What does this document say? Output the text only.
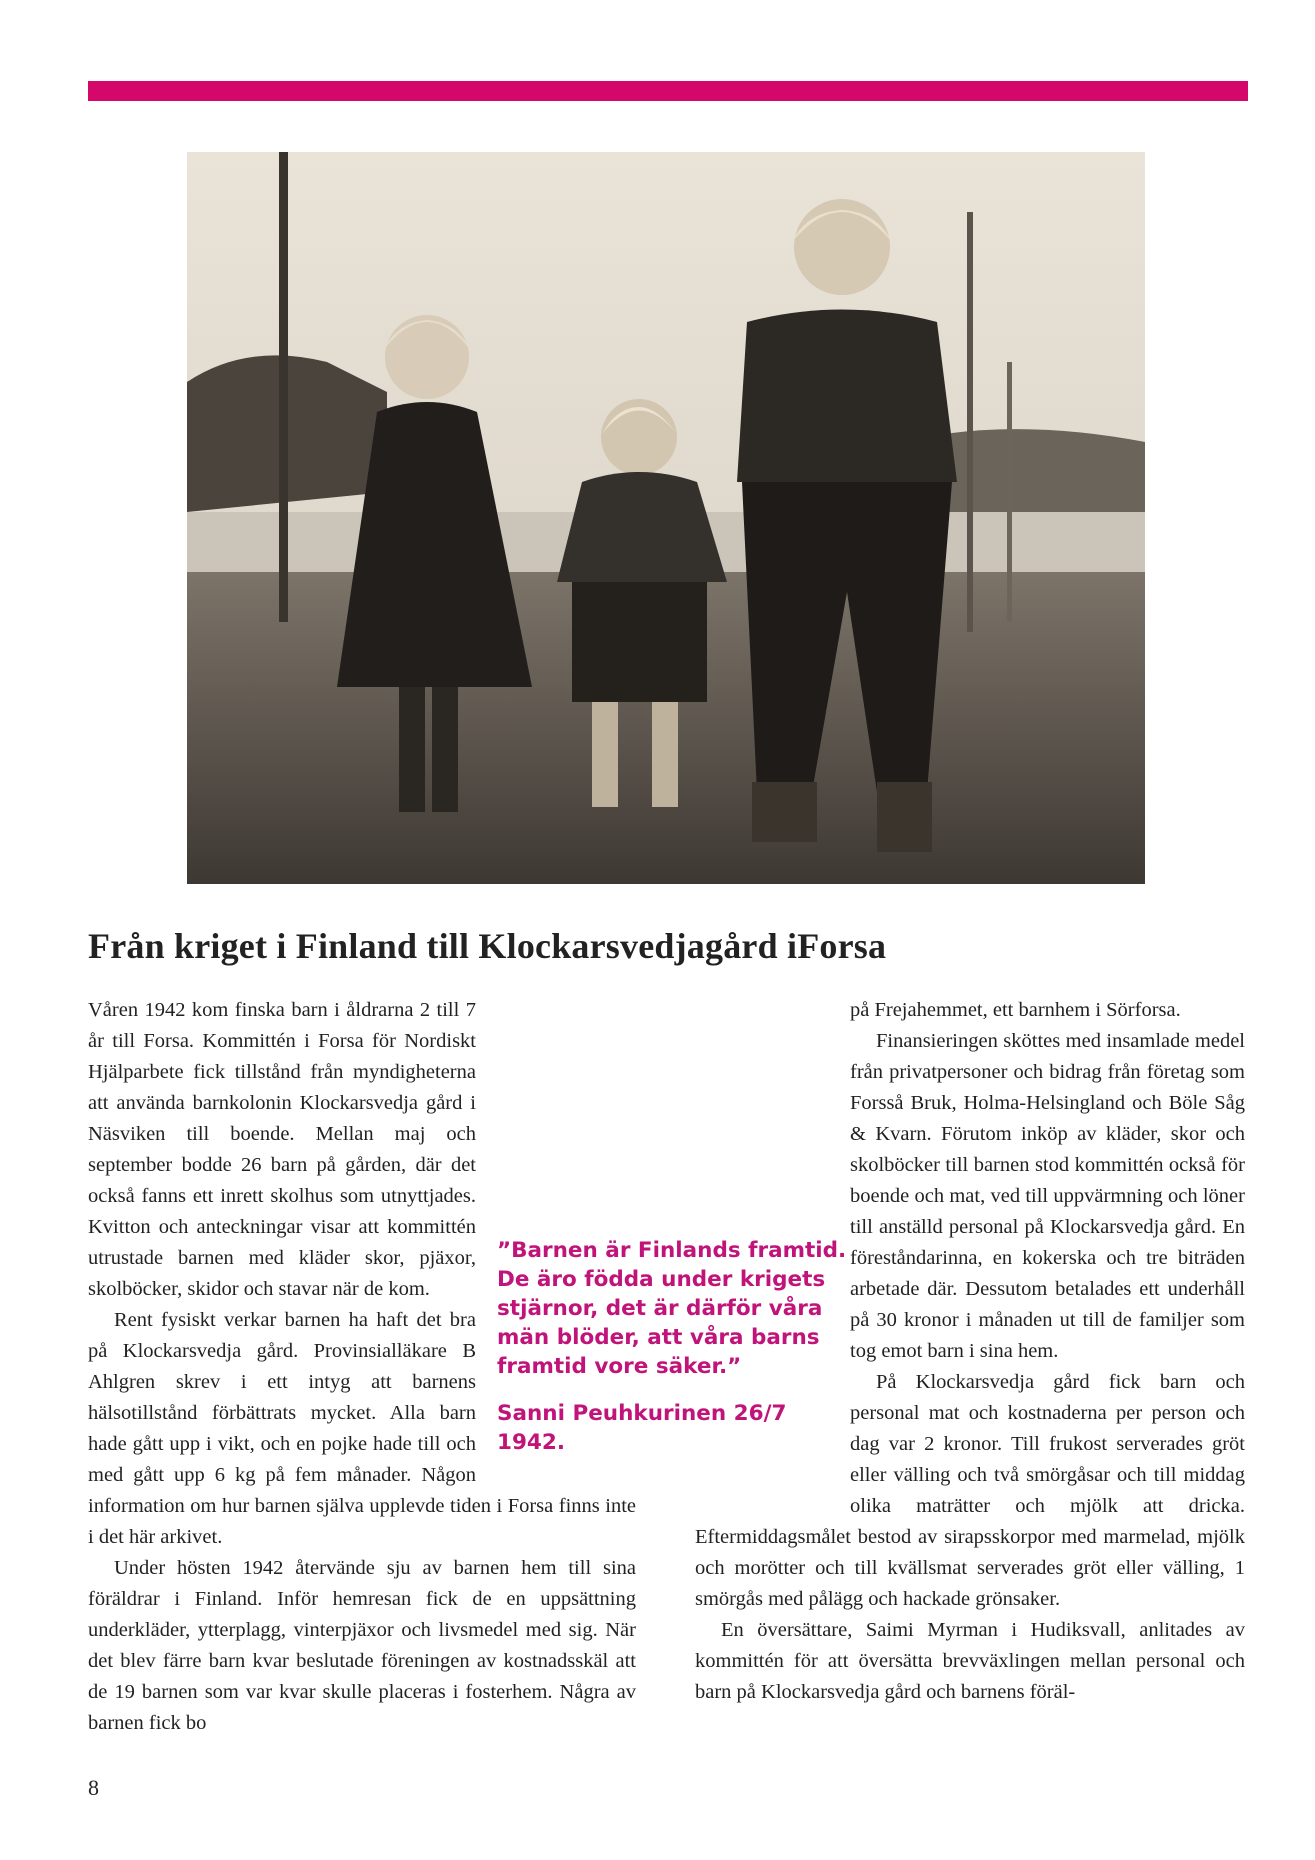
Från kriget i Finland till Klockarsvedjagård iForsa

Våren 1942 kom finska barn i åldrarna 2 till 7 år till Forsa. Kommittén i Forsa för Nordiskt Hjälparbete fick tillstånd från myndigheterna att använda barnkolonin Klockarsvedja gård i Näsviken till boende. Mellan maj och september bodde 26 barn på gården, där det också fanns ett inrett skolhus som utnyttjades. Kvitton och anteckningar visar att kommittén utrustade barnen med kläder skor, pjäxor, skolböcker, skidor och stavar när de kom.

Rent fysiskt verkar barnen ha haft det bra på Klockarsvedja gård. Provinsialläkare B Ahlgren skrev i ett intyg att barnens hälsotillstånd förbättrats mycket. Alla barn hade gått upp i vikt, och en pojke hade till och med gått upp 6 kg på fem månader. Någon information om hur barnen själva upplevde tiden i Forsa finns inte i det här arkivet.

Under hösten 1942 återvände sju av barnen hem till sina föräldrar i Finland. Inför hemresan fick de en uppsättning underkläder, ytterplagg, vinterpjäxor och livsmedel med sig. När det blev färre barn kvar beslutade föreningen av kostnadsskäl att de 19 barnen som var kvar skulle placeras i fosterhem. Några av barnen fick bo

på Frejahemmet, ett barnhem i Sörforsa.

Finansieringen sköttes med insamlade medel från privatpersoner och bidrag från företag som Forsså Bruk, Holma-Helsingland och Böle Såg & Kvarn. Förutom inköp av kläder, skor och skolböcker till barnen stod kommittén också för boende och mat, ved till uppvärmning och löner till anställd personal på Klockarsvedja gård. En föreståndarinna, en kokerska och tre biträden arbetade där. Dessutom betalades ett underhåll på 30 kronor i månaden ut till de familjer som tog emot barn i sina hem.

På Klockarsvedja gård fick barn och personal mat och kostnaderna per person och dag var 2 kronor. Till frukost serverades gröt eller välling och två smörgåsar och till middag olika maträtter och mjölk att dricka. Eftermiddagsmålet bestod av sirapsskorpor med marmelad, mjölk och morötter och till kvällsmat serverades gröt eller välling, 1 smörgås med pålägg och hackade grönsaker.

En översättare, Saimi Myrman i Hudiksvall, anlitades av kommittén för att översätta brevväxlingen mellan personal och barn på Klockarsvedja gård och barnens föräl-

”Barnen är Finlands framtid. De äro födda under krigets stjärnor, det är därför våra män blöder, att våra barns framtid vore säker.”

Sanni Peuhkurinen 26/7 1942.

8
